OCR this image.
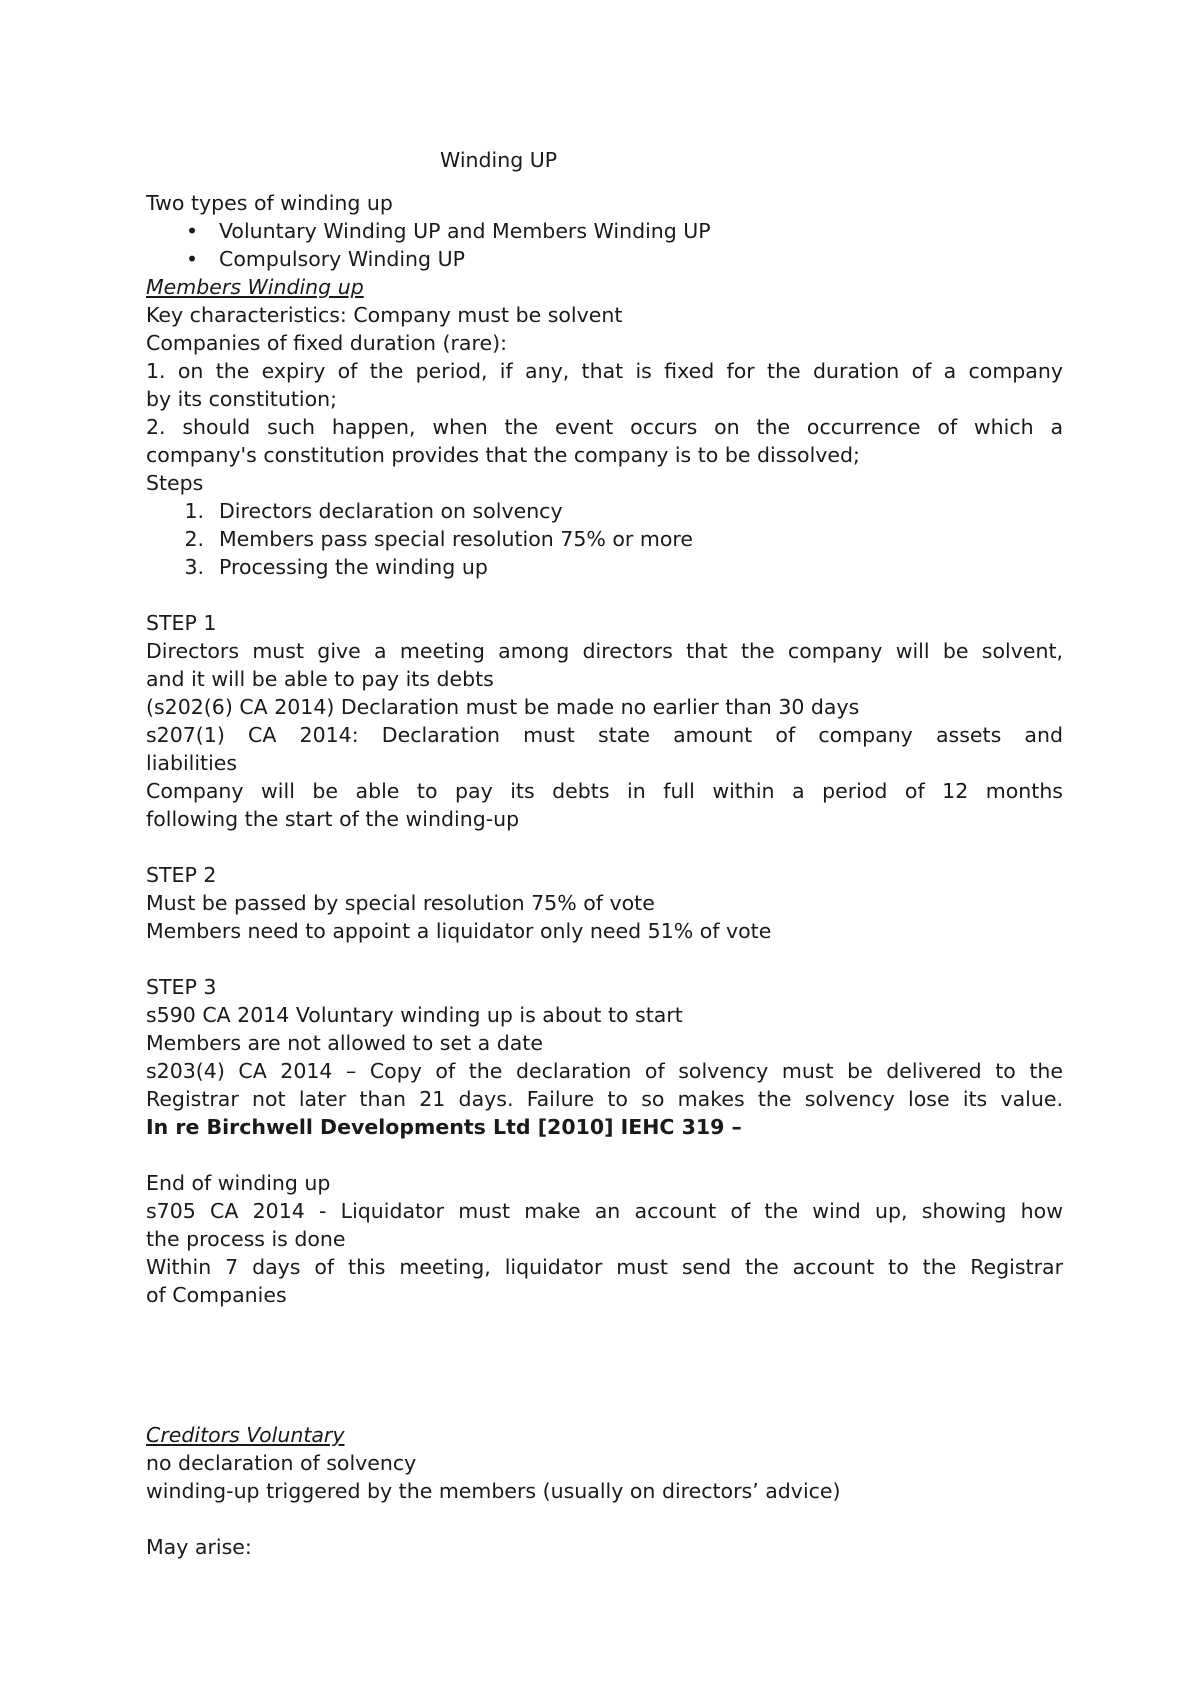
Winding UP
Two types of winding up
• Voluntary Winding UP and Members Winding UP
• Compulsory Winding UP
Members Winding up
Key characteristics: Company must be solvent
Companies of fixed duration (rare):
1. on the expiry of the period, if any, that is fixed for the duration of a company
by its constitution;
2. should such happen, when the event occurs on the occurrence of which a
company's constitution provides that the company is to be dissolved;
Steps
1. Directors declaration on solvency
2. Members pass special resolution 75% or more
3. Processing the winding up
STEP 1
Directors must give a meeting among directors that the company will be solvent,
and it will be able to pay its debts
(s202(6) CA 2014) Declaration must be made no earlier than 30 days
s207(1) CA 2014: Declaration must state amount of company assets and
liabilities
Company will be able to pay its debts in full within a period of 12 months
following the start of the winding-up
STEP 2
Must be passed by special resolution 75% of vote
Members need to appoint a liquidator only need 51% of vote
STEP 3
s590 CA 2014 Voluntary winding up is about to start
Members are not allowed to set a date
s203(4) CA 2014 – Copy of the declaration of solvency must be delivered to the
Registrar not later than 21 days. Failure to so makes the solvency lose its value.
In re Birchwell Developments Ltd [2010] IEHC 319 –
End of winding up
s705 CA 2014 - Liquidator must make an account of the wind up, showing how
the process is done
Within 7 days of this meeting, liquidator must send the account to the Registrar
of Companies
Creditors Voluntary
no declaration of solvency
winding-up triggered by the members (usually on directors’ advice)
May arise:
